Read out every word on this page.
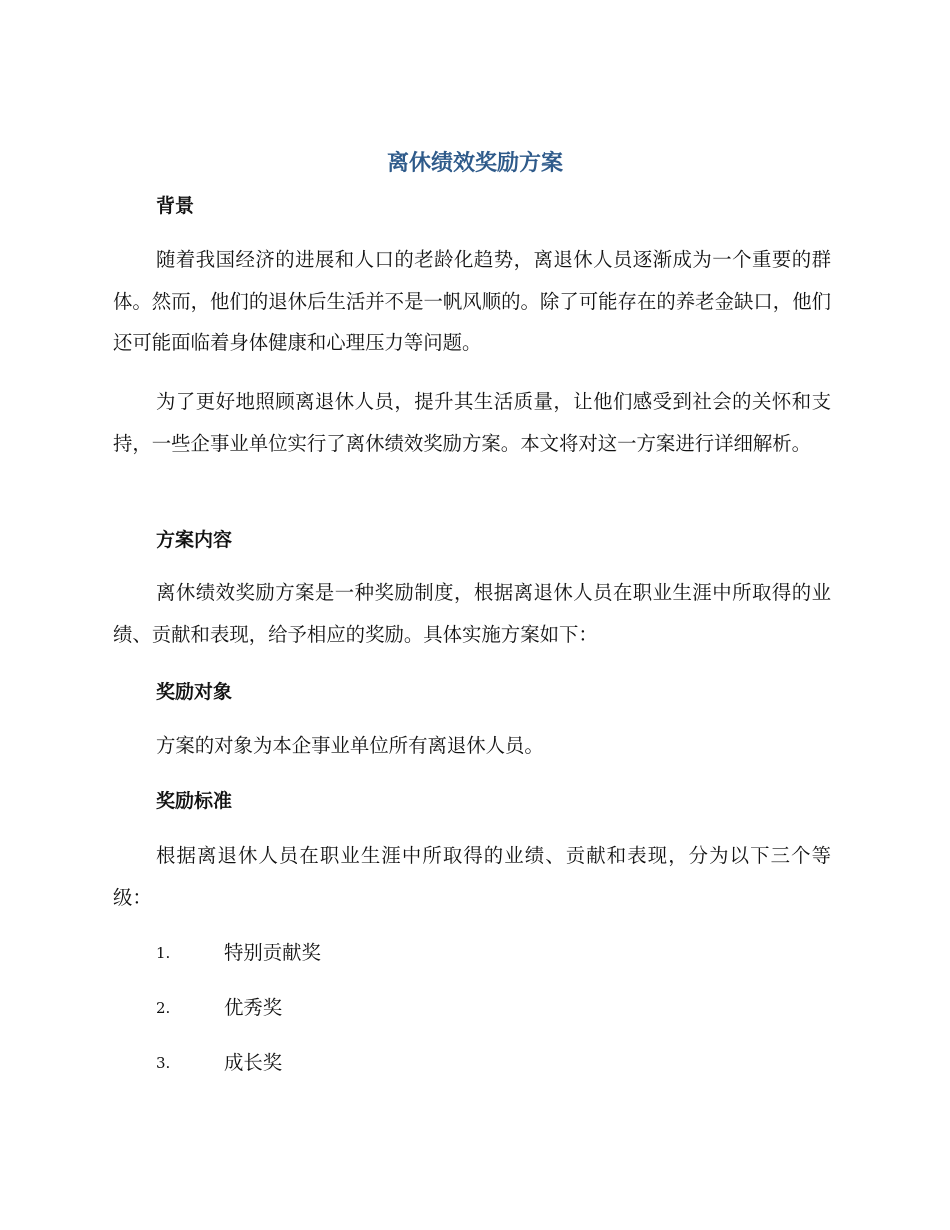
离休绩效奖励方案
背景

随着我国经济的进展和人口的老龄化趋势，离退休人员逐渐成为一个重要的群体。然而，他们的退休后生活并不是一帆风顺的。除了可能存在的养老金缺口，他们还可能面临着身体健康和心理压力等问题。

为了更好地照顾离退休人员，提升其生活质量，让他们感受到社会的关怀和支持，一些企事业单位实行了离休绩效奖励方案。本文将对这一方案进行详细解析。

方案内容

离休绩效奖励方案是一种奖励制度，根据离退休人员在职业生涯中所取得的业绩、贡献和表现，给予相应的奖励。具体实施方案如下：

奖励对象

方案的对象为本企事业单位所有离退休人员。

奖励标准

根据离退休人员在职业生涯中所取得的业绩、贡献和表现，分为以下三个等级：

1.	特别贡献奖
2.	优秀奖
3.	成长奖
